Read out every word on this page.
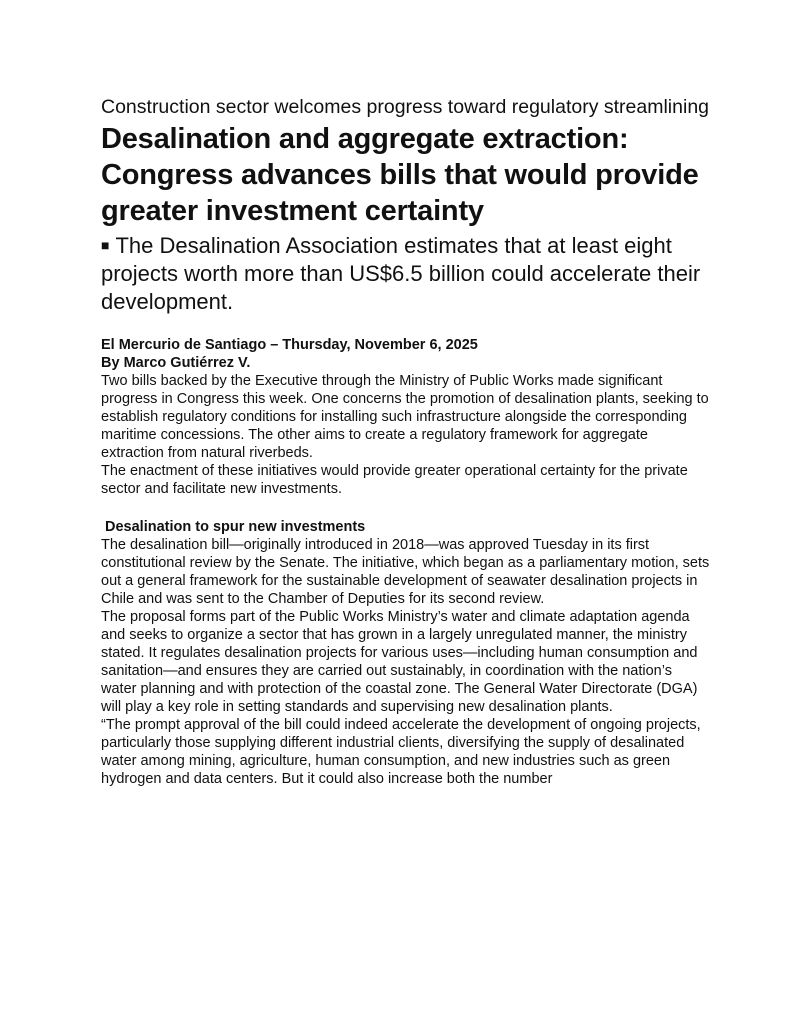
Construction sector welcomes progress toward regulatory streamlining
Desalination and aggregate extraction: Congress advances bills that would provide greater investment certainty
■ The Desalination Association estimates that at least eight projects worth more than US$6.5 billion could accelerate their development.
El Mercurio de Santiago – Thursday, November 6, 2025
By Marco Gutiérrez V.

Two bills backed by the Executive through the Ministry of Public Works made significant progress in Congress this week. One concerns the promotion of desalination plants, seeking to establish regulatory conditions for installing such infrastructure alongside the corresponding maritime concessions. The other aims to create a regulatory framework for aggregate extraction from natural riverbeds.

The enactment of these initiatives would provide greater operational certainty for the private sector and facilitate new investments.

Desalination to spur new investments

The desalination bill—originally introduced in 2018—was approved Tuesday in its first constitutional review by the Senate. The initiative, which began as a parliamentary motion, sets out a general framework for the sustainable development of seawater desalination projects in Chile and was sent to the Chamber of Deputies for its second review.

The proposal forms part of the Public Works Ministry’s water and climate adaptation agenda and seeks to organize a sector that has grown in a largely unregulated manner, the ministry stated. It regulates desalination projects for various uses—including human consumption and sanitation—and ensures they are carried out sustainably, in coordination with the nation’s water planning and with protection of the coastal zone. The General Water Directorate (DGA) will play a key role in setting standards and supervising new desalination plants.

“The prompt approval of the bill could indeed accelerate the development of ongoing projects, particularly those supplying different industrial clients, diversifying the supply of desalinated water among mining, agriculture, human consumption, and new industries such as green hydrogen and data centers. But it could also increase both the number
